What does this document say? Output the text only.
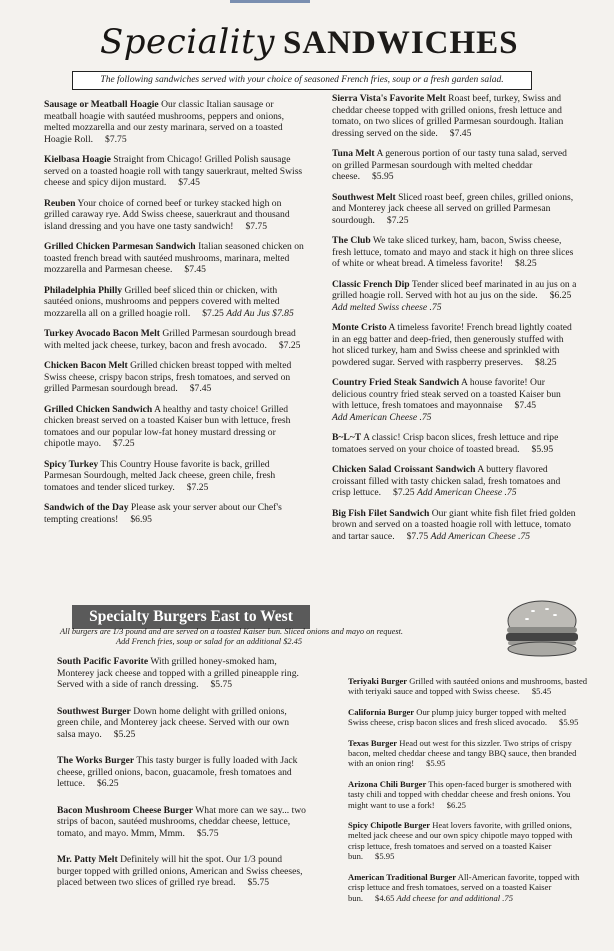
Speciality SANDWICHES
The following sandwiches served with your choice of seasoned French fries, soup or a fresh garden salad.
Sausage or Meatball Hoagie Our classic Italian sausage or meatball hoagie with sautéed mushrooms, peppers and onions, melted mozzarella and our zesty marinara, served on a toasted Hoagie Roll. $7.75
Kielbasa Hoagie Straight from Chicago! Grilled Polish sausage served on a toasted hoagie roll with tangy sauerkraut, melted Swiss cheese and spicy dijon mustard. $7.45
Reuben Your choice of corned beef or turkey stacked high on grilled caraway rye. Add Swiss cheese, sauerkraut and thousand island dressing and you have one tasty sandwich! $7.75
Grilled Chicken Parmesan Sandwich Italian seasoned chicken on toasted french bread with sautéed mushrooms, marinara, melted mozzarella and Parmesan cheese. $7.45
Philadelphia Philly Grilled beef sliced thin or chicken, with sautéed onions, mushrooms and peppers covered with melted mozzarella all on a grilled hoagie roll. $7.25 Add Au Jus $7.85
Turkey Avocado Bacon Melt Grilled Parmesan sourdough bread with melted jack cheese, turkey, bacon and fresh avocado. $7.25
Chicken Bacon Melt Grilled chicken breast topped with melted Swiss cheese, crispy bacon strips, fresh tomatoes, and served on grilled Parmesan sourdough bread. $7.45
Grilled Chicken Sandwich A healthy and tasty choice! Grilled chicken breast served on a toasted Kaiser bun with lettuce, fresh tomatoes and our popular low-fat honey mustard dressing or chipotle mayo. $7.25
Spicy Turkey This Country House favorite is back, grilled Parmesan Sourdough, melted Jack cheese, green chile, fresh tomatoes and tender sliced turkey. $7.25
Sandwich of the Day Please ask your server about our Chef's tempting creations! $6.95
Sierra Vista's Favorite Melt Roast beef, turkey, Swiss and cheddar cheese topped with grilled onions, fresh lettuce and tomato, on two slices of grilled Parmesan sourdough. Italian dressing served on the side. $7.45
Tuna Melt A generous portion of our tasty tuna salad, served on grilled Parmesan sourdough with melted cheddar cheese. $5.95
Southwest Melt Sliced roast beef, green chiles, grilled onions, and Monterey jack cheese all served on grilled Parmesan sourdough. $7.25
The Club We take sliced turkey, ham, bacon, Swiss cheese, fresh lettuce, tomato and mayo and stack it high on three slices of white or wheat bread. A timeless favorite! $8.25
Classic French Dip Tender sliced beef marinated in au jus on a grilled hoagie roll. Served with hot au jus on the side. $6.25 Add melted Swiss cheese .75
Monte Cristo A timeless favorite! French bread lightly coated in an egg batter and deep-fried, then generously stuffed with hot sliced turkey, ham and Swiss cheese and sprinkled with powdered sugar. Served with raspberry preserves. $8.25
Country Fried Steak Sandwich A house favorite! Our delicious country fried steak served on a toasted Kaiser bun with lettuce, fresh tomatoes and mayonnaise $7.45 Add American Cheese .75
B~L~T A classic! Crisp bacon slices, fresh lettuce and ripe tomatoes served on your choice of toasted bread. $5.95
Chicken Salad Croissant Sandwich A buttery flavored croissant filled with tasty chicken salad, fresh tomatoes and crisp lettuce. $7.25 Add American Cheese .75
Big Fish Filet Sandwich Our giant white fish filet fried golden brown and served on a toasted hoagie roll with lettuce, tomato and tartar sauce. $7.75 Add American Cheese .75
Specialty Burgers East to West
All burgers are 1/3 pound and are served on a toasted Kaiser bun. Sliced onions and mayo on request.
Add French fries, soup or salad for an additional $2.45
South Pacific Favorite With grilled honey-smoked ham, Monterey jack cheese and topped with a grilled pineapple ring. Served with a side of ranch dressing. $5.75
Southwest Burger Down home delight with grilled onions, green chile, and Monterey jack cheese. Served with our own salsa mayo. $5.25
The Works Burger This tasty burger is fully loaded with Jack cheese, grilled onions, bacon, guacamole, fresh tomatoes and lettuce. $6.25
Bacon Mushroom Cheese Burger What more can we say... two strips of bacon, sautéed mushrooms, cheddar cheese, lettuce, tomato, and mayo. Mmm, Mmm. $5.75
Mr. Patty Melt Definitely will hit the spot. Our 1/3 pound burger topped with grilled onions, American and Swiss cheeses, placed between two slices of grilled rye bread. $5.75
Teriyaki Burger Grilled with sautéed onions and mushrooms, basted with teriyaki sauce and topped with Swiss cheese. $5.45
California Burger Our plump juicy burger topped with melted Swiss cheese, crisp bacon slices and fresh sliced avocado. $5.95
Texas Burger Head out west for this sizzler. Two strips of crispy bacon, melted cheddar cheese and tangy BBQ sauce, then branded with an onion ring! $5.95
Arizona Chili Burger This open-faced burger is smothered with tasty chili and topped with cheddar cheese and fresh onions. You might want to use a fork! $6.25
Spicy Chipotle Burger Heat lovers favorite, with grilled onions, melted jack cheese and our own spicy chipotle mayo topped with crisp lettuce, fresh tomatoes and served on a toasted Kaiser bun. $5.95
American Traditional Burger All-American favorite, topped with crisp lettuce and fresh tomatoes, served on a toasted Kaiser bun. $4.65 Add cheese for and additional .75
